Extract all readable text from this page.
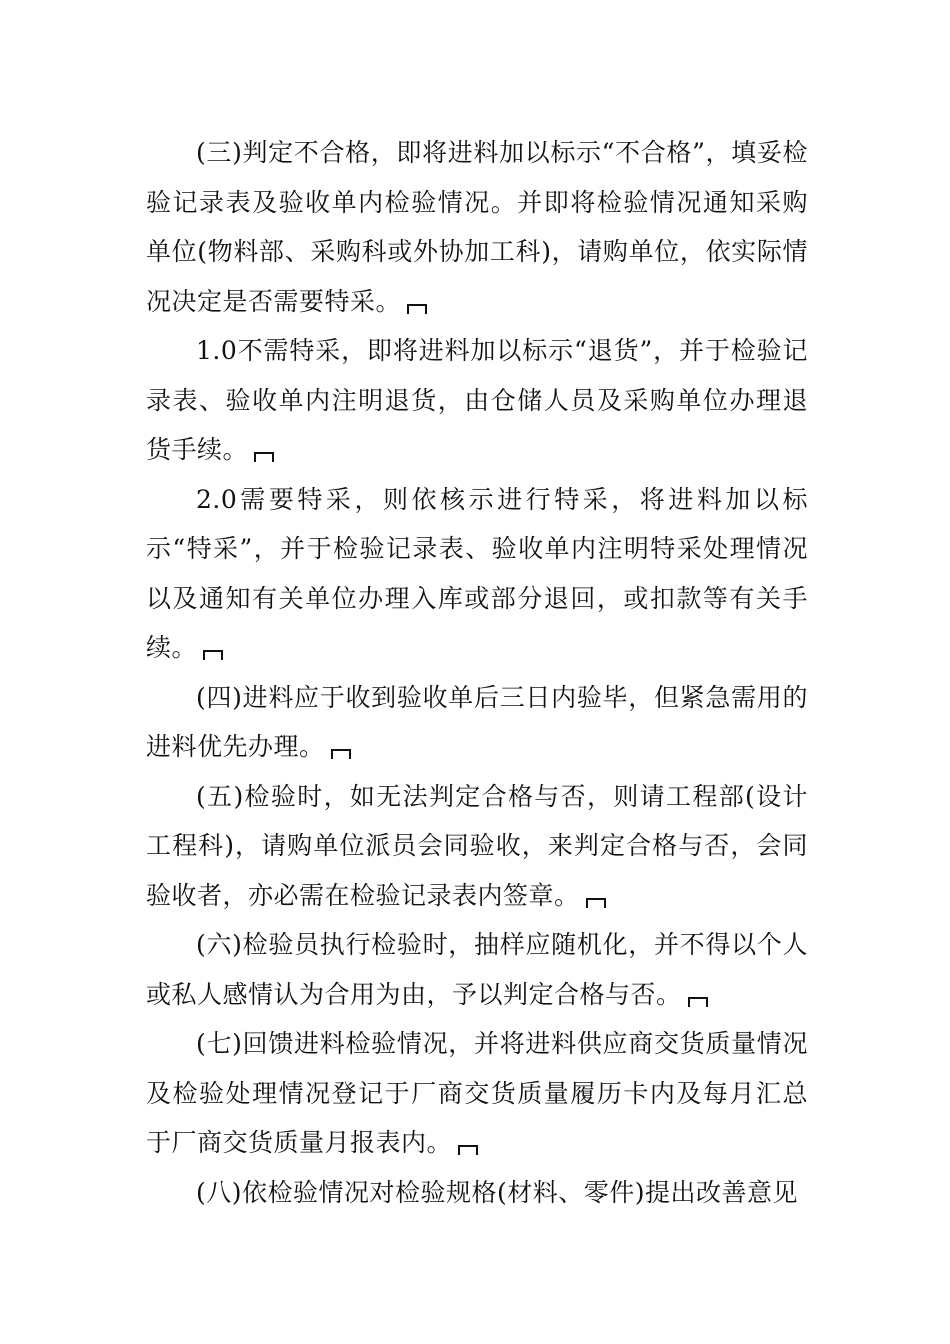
(三)判定不合格，即将进料加以标示“不合格”，填妥检验记录表及验收单内检验情况。并即将检验情况通知采购单位(物料部、采购科或外协加工科)，请购单位，依实际情况决定是否需要特采。

1.0不需特采，即将进料加以标示“退货”，并于检验记录表、验收单内注明退货，由仓储人员及采购单位办理退货手续。

2.0需要特采，则依核示进行特采，将进料加以标示“特采”，并于检验记录表、验收单内注明特采处理情况以及通知有关单位办理入库或部分退回，或扣款等有关手续。

(四)进料应于收到验收单后三日内验毕，但紧急需用的进料优先办理。

(五)检验时，如无法判定合格与否，则请工程部(设计工程科)，请购单位派员会同验收，来判定合格与否，会同验收者，亦必需在检验记录表内签章。

(六)检验员执行检验时，抽样应随机化，并不得以个人或私人感情认为合用为由，予以判定合格与否。

(七)回馈进料检验情况，并将进料供应商交货质量情况及检验处理情况登记于厂商交货质量履历卡内及每月汇总于厂商交货质量月报表内。

(八)依检验情况对检验规格(材料、零件)提出改善意见
